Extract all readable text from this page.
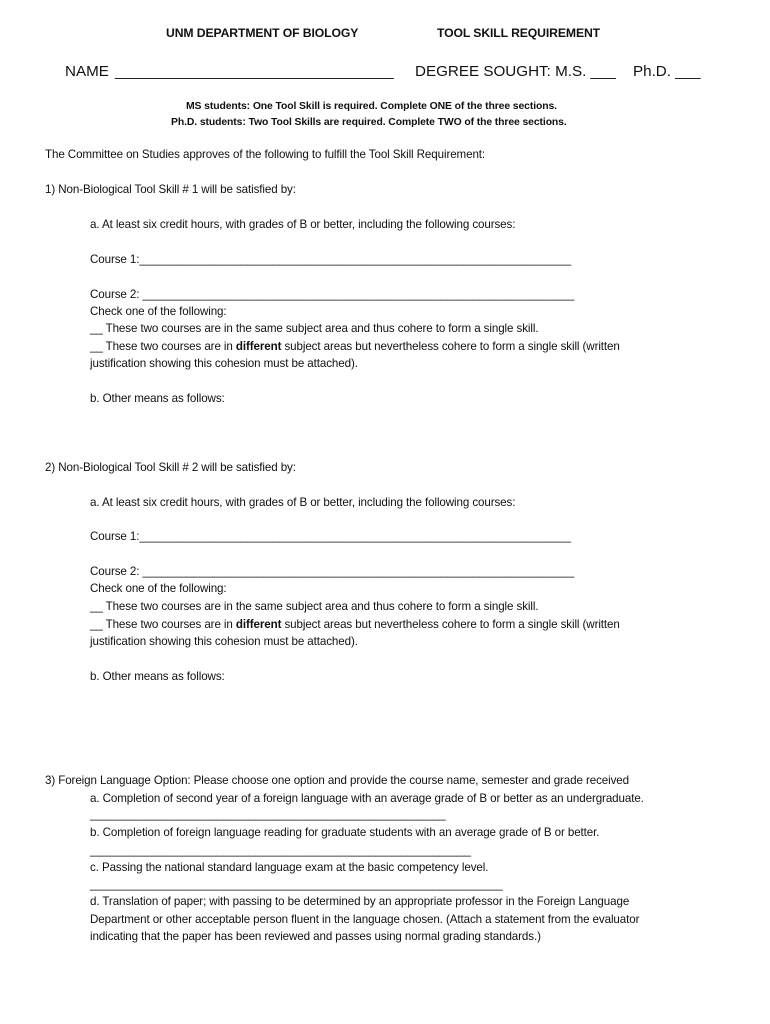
UNM DEPARTMENT OF BIOLOGY	TOOL SKILL REQUIREMENT
NAME _________________________________ DEGREE SOUGHT: M.S. ___ Ph.D. ___
MS students: One Tool Skill is required. Complete ONE of the three sections.
Ph.D. students: Two Tool Skills are required. Complete TWO of the three sections.
The Committee on Studies approves of the following to fulfill the Tool Skill Requirement:
1) Non-Biological Tool Skill # 1 will be satisfied by:
a. At least six credit hours, with grades of B or better, including the following courses:
Course 1:____________________________________________________________________
Course 2: ____________________________________________________________________
Check one of the following:
__ These two courses are in the same subject area and thus cohere to form a single skill.
__ These two courses are in different subject areas but nevertheless cohere to form a single skill (written
justification showing this cohesion must be attached).
b. Other means as follows:
2) Non-Biological Tool Skill # 2 will be satisfied by:
a. At least six credit hours, with grades of B or better, including the following courses:
Course 1:____________________________________________________________________
Course 2: ____________________________________________________________________
Check one of the following:
__ These two courses are in the same subject area and thus cohere to form a single skill.
__ These two courses are in different subject areas but nevertheless cohere to form a single skill (written
justification showing this cohesion must be attached).
b. Other means as follows:
3) Foreign Language Option: Please choose one option and provide the course name, semester and grade received
a. Completion of second year of a foreign language with an average grade of B or better as an undergraduate.
________________________________________________________
b. Completion of foreign language reading for graduate students with an average grade of B or better.
____________________________________________________________
c. Passing the national standard language exam at the basic competency level.
_________________________________________________________________
d. Translation of paper; with passing to be determined by an appropriate professor in the Foreign Language
Department or other acceptable person fluent in the language chosen. (Attach a statement from the evaluator
indicating that the paper has been reviewed and passes using normal grading standards.)
